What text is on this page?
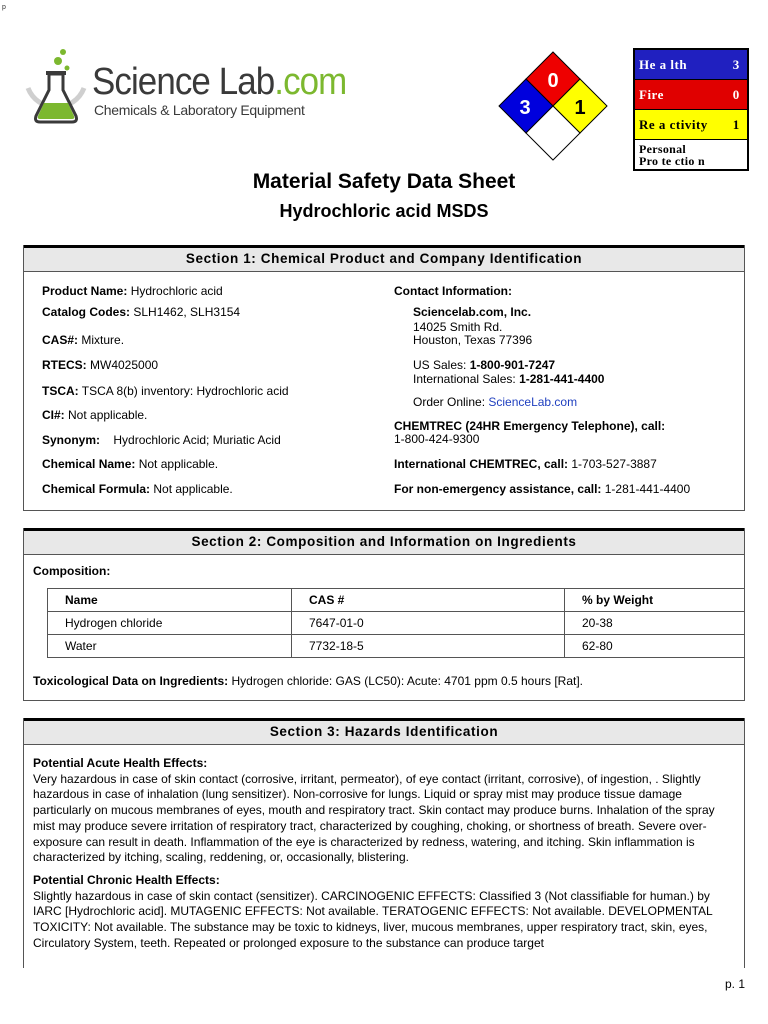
p
Science Lab.com
Chemicals & Laboratory Equipment
0
3 1
He a lth	3
Fire	0
Re a ctivity	1
Personal
Pro te ctio n
Material Safety Data Sheet
Hydrochloric acid MSDS
Section 1: Chemical Product and Company Identification
Product Name: Hydrochloric acid
Catalog Codes: SLH1462, SLH3154
CAS#: Mixture.
RTECS: MW4025000
TSCA: TSCA 8(b) inventory: Hydrochloric acid
CI#: Not applicable.
Synonym:    Hydrochloric Acid; Muriatic Acid
Chemical Name: Not applicable.
Chemical Formula: Not applicable.
Contact Information:
Sciencelab.com, Inc.
14025 Smith Rd.
Houston, Texas 77396
US Sales: 1-800-901-7247
International Sales: 1-281-441-4400
Order Online: ScienceLab.com
CHEMTREC (24HR Emergency Telephone), call:
1-800-424-9300
International CHEMTREC, call: 1-703-527-3887
For non-emergency assistance, call: 1-281-441-4400
Section 2: Composition and Information on Ingredients
Composition:
Name	CAS #	% by Weight
Hydrogen chloride	7647-01-0	20-38
Water	7732-18-5	62-80
Toxicological Data on Ingredients: Hydrogen chloride: GAS (LC50): Acute: 4701 ppm 0.5 hours [Rat].
Section 3: Hazards Identification

Potential Acute Health Effects:

Very hazardous in case of skin contact (corrosive, irritant, permeator), of eye contact (irritant, corrosive), of ingestion, . Slightly hazardous in case of inhalation (lung sensitizer). Non-corrosive for lungs. Liquid or spray mist may produce tissue damage particularly on mucous membranes of eyes, mouth and respiratory tract. Skin contact may produce burns. Inhalation of the spray mist may produce severe irritation of respiratory tract, characterized by coughing, choking, or shortness of breath. Severe over-exposure can result in death. Inflammation of the eye is characterized by redness, watering, and itching. Skin inflammation is characterized by itching, scaling, reddening, or, occasionally, blistering.

Potential Chronic Health Effects:

Slightly hazardous in case of skin contact (sensitizer). CARCINOGENIC EFFECTS: Classified 3 (Not classifiable for human.) by IARC [Hydrochloric acid]. MUTAGENIC EFFECTS: Not available. TERATOGENIC EFFECTS: Not available. DEVELOPMENTAL TOXICITY: Not available. The substance may be toxic to kidneys, liver, mucous membranes, upper respiratory tract, skin, eyes, Circulatory System, teeth. Repeated or prolonged exposure to the substance can produce target

p. 1
